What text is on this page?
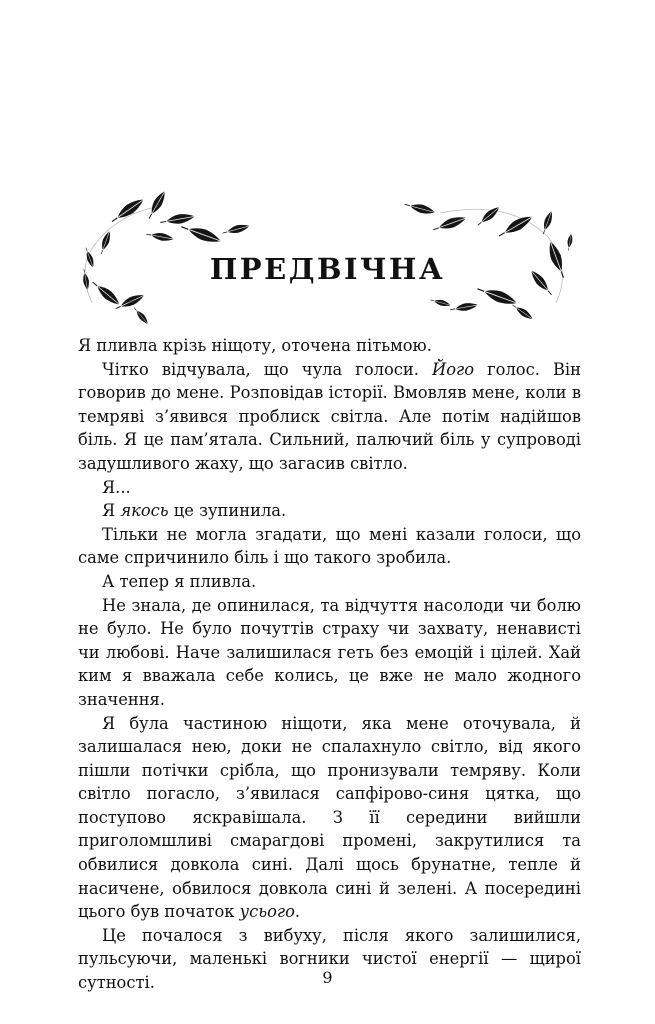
ПРЕДВІЧНА

Я пливла крізь ніщоту, оточена пітьмою.

Чітко відчувала, що чула голоси. Його голос. Він говорив до мене. Розповідав історії. Вмовляв мене, коли в темряві з’явився проблиск світла. Але потім надійшов біль. Я це пам’ятала. Сильний, палючий біль у супроводі задушливого жаху, що загасив світло.

Я...

Я якось це зупинила.

Тільки не могла згадати, що мені казали голоси, що саме спричинило біль і що такого зробила.

А тепер я пливла.

Не знала, де опинилася, та відчуття насолоди чи болю не було. Не було почуттів страху чи захвату, ненависті чи любові. Наче залишилася геть без емоцій і цілей. Хай ким я вважала себе колись, це вже не мало жодного значення.

Я була частиною ніщоти, яка мене оточувала, й залишалася нею, доки не спалахнуло світло, від якого пішли потічки срібла, що пронизували темряву. Коли світло погасло, з’явилася сапфірово-синя цятка, що поступово яскравішала. З її середини вийшли приголомшливі смарагдові промені, закрутилися та обвилися довкола сині. Далі щось брунатне, тепле й насичене, обвилося довкола сині й зелені. А посередині цього був початок усього.

Це почалося з вибуху, після якого залишилися, пульсуючи, маленькі вогники чистої енергії — щирої сутності.	9
